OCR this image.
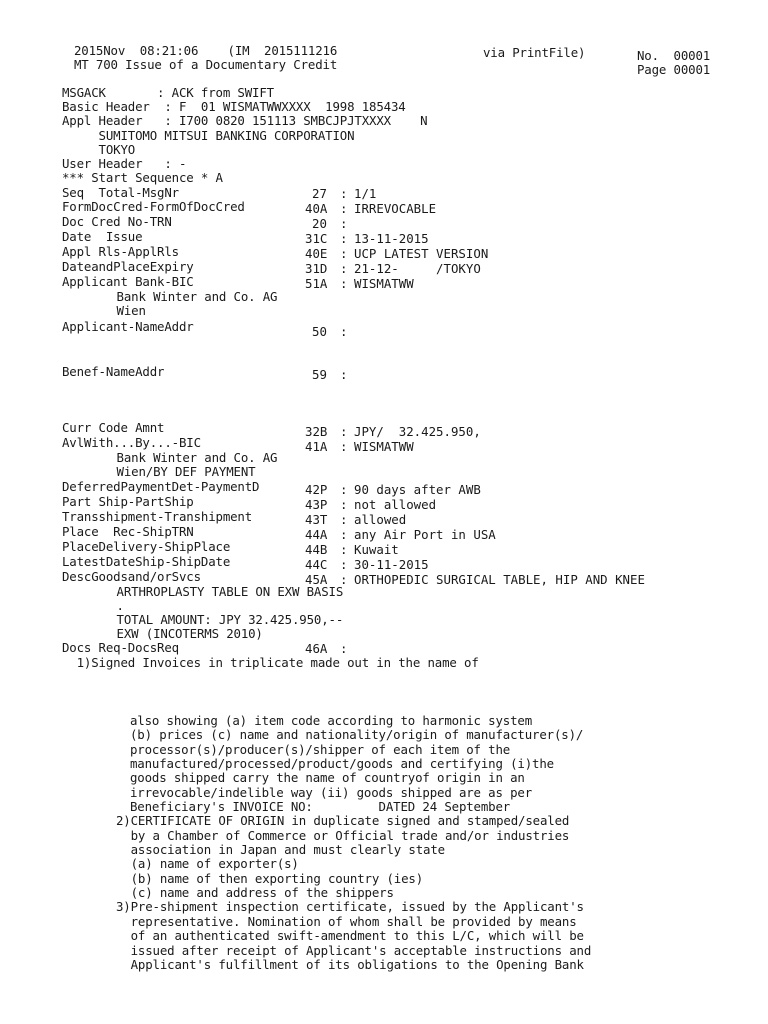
2015Nov  08:21:06    (IM  2015111216	via PrintFile)
MT 700 Issue of a Documentary Credit
No.  00001
Page 00001
MSGACK       : ACK from SWIFT
Basic Header  : F  01 WISMATWWXXXX  1998 185434
Appl Header   : I700 0820 151113 SMBCJPJTXXXX    N
SUMITOMO MITSUI BANKING CORPORATION
TOKYO
User Header   : -
*** Start Sequence * A
Seq  Total-MsgNr	27 : 1/1
FormDocCred-FormOfDocCred	40A : IRREVOCABLE
Doc Cred No-TRN	20 :
Date  Issue	31C : 13-11-2015
Appl Rls-ApplRls	40E : UCP LATEST VERSION
DateandPlaceExpiry	31D : 21-12-     /TOKYO
Applicant Bank-BIC	51A : WISMATWW
Bank Winter and Co. AG
Wien
Applicant-NameAddr	50 :
Benef-NameAddr	59 :
Curr Code Amnt	32B : JPY/  32.425.950,
AvlWith...By...-BIC	41A : WISMATWW
Bank Winter and Co. AG
Wien/BY DEF PAYMENT
DeferredPaymentDet-PaymentD	42P : 90 days after AWB
Part Ship-PartShip	43P : not allowed
Transshipment-Transhipment	43T : allowed
Place  Rec-ShipTRN	44A : any Air Port in USA
PlaceDelivery-ShipPlace	44B : Kuwait
LatestDateShip-ShipDate	44C : 30-11-2015
DescGoodsand/orSvcs	45A : ORTHOPEDIC SURGICAL TABLE, HIP AND KNEE
ARTHROPLASTY TABLE ON EXW BASIS
.
TOTAL AMOUNT: JPY 32.425.950,--
EXW (INCOTERMS 2010)
Docs Req-DocsReq	46A :
1)Signed Invoices in triplicate made out in the name of
also showing (a) item code according to harmonic system
(b) prices (c) name and nationality/origin of manufacturer(s)/
processor(s)/producer(s)/shipper of each item of the
manufactured/processed/product/goods and certifying (i)the
goods shipped carry the name of countryof origin in an
irrevocable/indelible way (ii) goods shipped are as per
Beneficiary's INVOICE NO:         DATED 24 September
2)CERTIFICATE OF ORIGIN in duplicate signed and stamped/sealed
by a Chamber of Commerce or Official trade and/or industries
association in Japan and must clearly state
(a) name of exporter(s)
(b) name of then exporting country (ies)
(c) name and address of the shippers
3)Pre-shipment inspection certificate, issued by the Applicant's
representative. Nomination of whom shall be provided by means
of an authenticated swift-amendment to this L/C, which will be
issued after receipt of Applicant's acceptable instructions and
Applicant's fulfillment of its obligations to the Opening Bank
